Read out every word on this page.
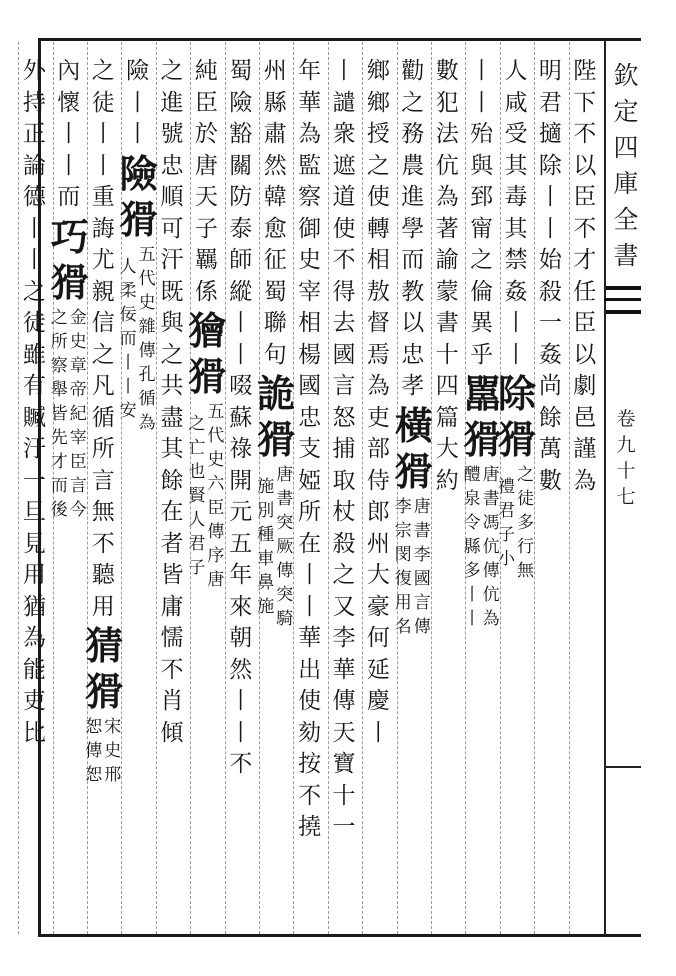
欽定四庫全書
卷九十七
陛
下
不
以
臣
不
才
任
臣
以
劇
邑
謹
為
明
君
擿
除
丨
丨
始
殺
一
姦
尚
餘
萬
數
人
咸
受
其
毒
其
禁
姦
丨
丨
除
猾
之
徒
多
行
無
禮
君
子
小
丨
丨
殆
與
郅
甯
之
倫
異
乎
嚚
猾
唐
書
馮
伉
傳
伉
為
醴
泉
令
縣
多
丨
丨
數
犯
法
伉
為
著
諭
蒙
書
十
四
篇
大
約
勸
之
務
農
進
學
而
教
以
忠
孝
橫
猾
唐
書
李
國
言
傳
李
宗
閔
復
用
名
鄉
鄉
授
之
使
轉
相
敖
督
焉
為
吏
部
侍
郎
州
大
豪
何
延
慶
丨
丨
譴
衆
遮
道
使
不
得
去
國
言
怒
捕
取
杖
殺
之
又
李
華
傳
天
寶
十
一
年
華
為
監
察
御
史
宰
相
楊
國
忠
支
婭
所
在
丨
丨
華
出
使
劾
按
不
撓
州
縣
肅
然
韓
愈
征
蜀
聯
句
詭
猾
唐
書
突
厥
傳
突
騎
施
別
種
車
鼻
施
蜀
險
豁
關
防
泰
師
縱
丨
丨
啜
蘇
祿
開
元
五
年
來
朝
然
丨
丨
不
純
臣
於
唐
天
子
羈
係
獪
猾
五
代
史
六
臣
傳
序
唐
之
亡
也
賢
人
君
子
之
進
號
忠
順
可
汗
既
與
之
共
盡
其
餘
在
者
皆
庸
懦
不
肖
傾
險
丨
丨
險
猾
五
代
史
雜
傳
孔
循
為
人
柔
佞
而
丨
丨
安
之
徒
丨
丨
重
誨
尤
親
信
之
凡
循
所
言
無
不
聽
用
猜
猾
宋
史
邢
恕
傳
恕
內
懷
丨
丨
而
巧
猾
金
史
章
帝
紀
宰
臣
言
今
之
所
察
舉
皆
先
才
而
後
外
持
正
論
德
丨
丨
之
徒
雖
有
贓
汙
一
旦
見
用
猶
為
能
吏
比
